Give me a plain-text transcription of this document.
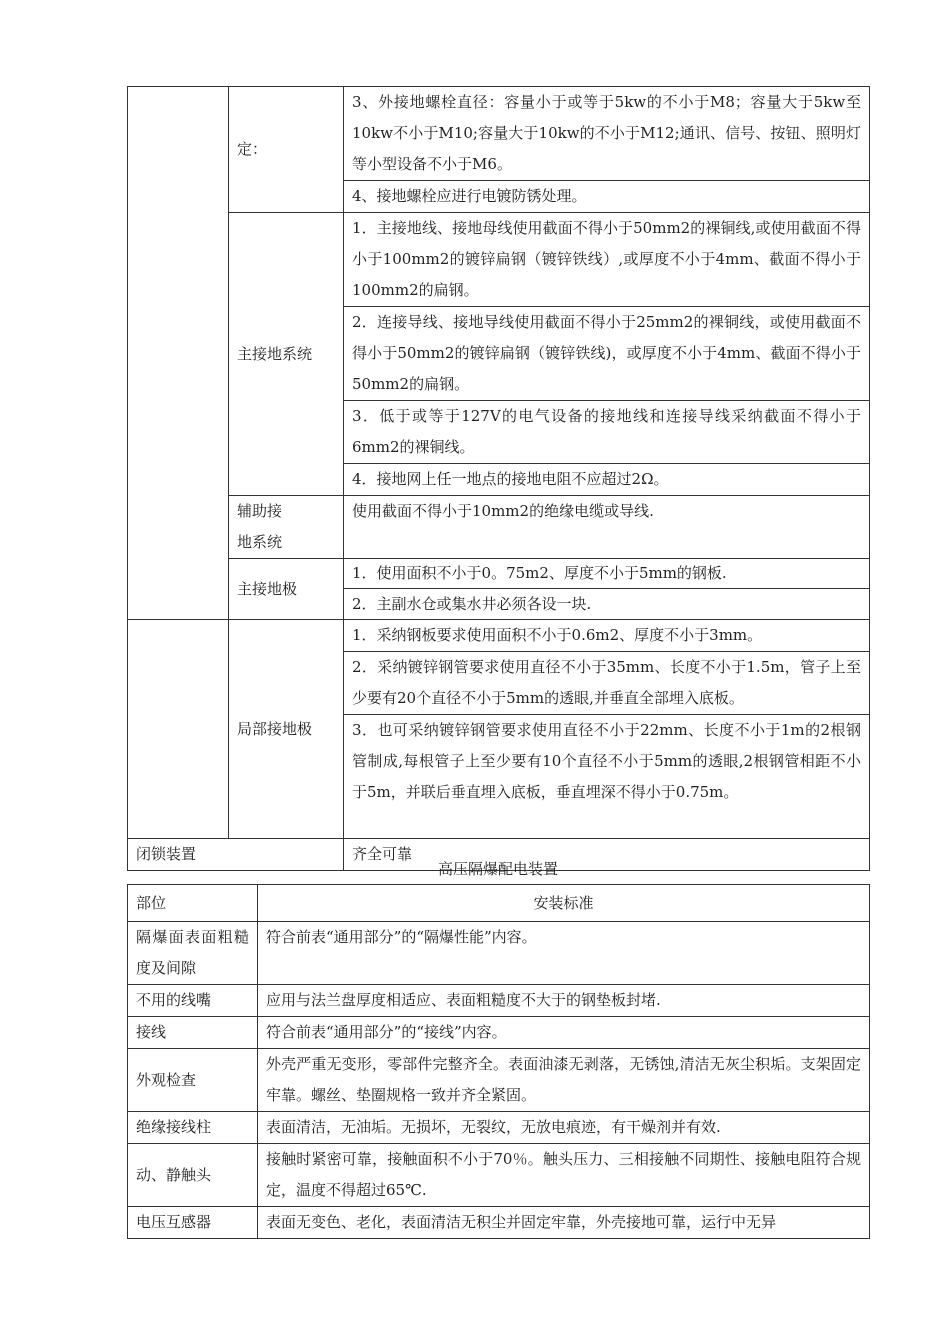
	定：	3、外接地螺栓直径：容量小于或等于5kw的不小于M8；容量大于5kw至10kw不小于M10;容量大于10kw的不小于M12;通讯、信号、按钮、照明灯等小型设备不小于M6。
		4、接地螺栓应进行电镀防锈处理。
	主接地系统	1．主接地线、接地母线使用截面不得小于50mm2的裸铜线,或使用截面不得小于100mm2的镀锌扁钢（镀锌铁线）,或厚度不小于4mm、截面不得小于100mm2的扁钢。
		2．连接导线、接地导线使用截面不得小于25mm2的裸铜线，或使用截面不得小于50mm2的镀锌扁钢（镀锌铁线)，或厚度不小于4mm、截面不得小于50mm2的扁钢。
		3．低于或等于127V的电气设备的接地线和连接导线采纳截面不得小于6mm2的裸铜线。
		4．接地网上任一地点的接地电阻不应超过2Ω。

	辅助接
地系统	使用截面不得小于10mm2的绝缘电缆或导线.

	主接地极	1．使用面积不小于0。75m2、厚度不小于5mm的钢板.
2．主副水仓或集水井必须各设一块.

	局部接地极	1．采纳钢板要求使用面积不小于0.6m2、厚度不小于3mm。
		2．采纳镀锌钢管要求使用直径不小于35mm、长度不小于1.5m，管子上至少要有20个直径不小于5mm的透眼,并垂直全部埋入底板。
		3．也可采纳镀锌钢管要求使用直径不小于22mm、长度不小于1m的2根钢管制成,每根管子上至少要有10个直径不小于5mm的透眼,2根钢管相距不小于5m，并联后垂直埋入底板，垂直埋深不得小于0.75m。
闭锁装置		齐全可靠
高压隔爆配电装置
部位	安装标准
隔爆面表面粗糙度及间隙	符合前表“通用部分”的“隔爆性能”内容。
不用的线嘴	应用与法兰盘厚度相适应、表面粗糙度不大于的钢垫板封堵.
接线	符合前表“通用部分”的“接线”内容。
外观检查	外壳严重无变形，零部件完整齐全。表面油漆无剥落，无锈蚀,清洁无灰尘积垢。支架固定牢靠。螺丝、垫圈规格一致并齐全紧固。
绝缘接线柱	表面清洁，无油垢。无损坏，无裂纹，无放电痕迹，有干燥剂并有效.
动、静触头	接触时紧密可靠，接触面积不小于70％。触头压力、三相接触不同期性、接触电阻符合规定，温度不得超过65℃.
电压互感器	表面无变色、老化，表面清洁无积尘并固定牢靠，外壳接地可靠，运行中无异
